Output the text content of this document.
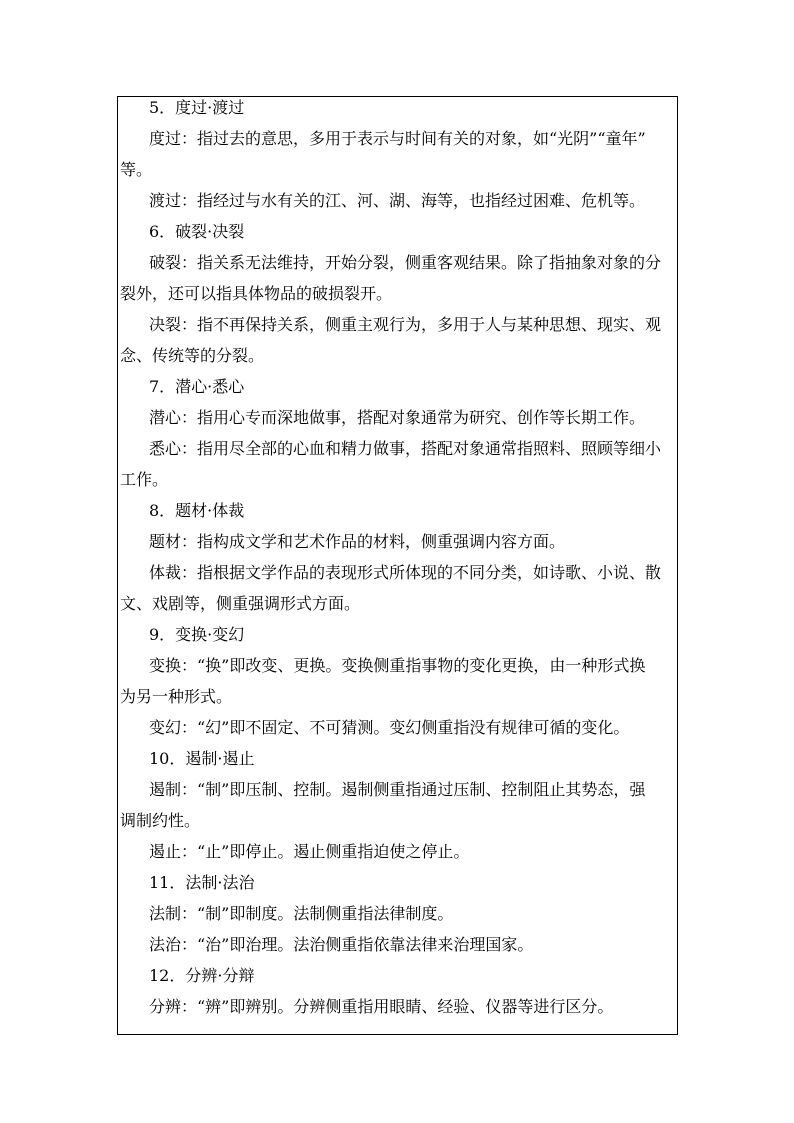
5．度过·渡过
度过：指过去的意思，多用于表示与时间有关的对象，如“光阴”“童年”
等。
渡过：指经过与水有关的江、河、湖、海等，也指经过困难、危机等。
6．破裂·决裂
破裂：指关系无法维持，开始分裂，侧重客观结果。除了指抽象对象的分
裂外，还可以指具体物品的破损裂开。
决裂：指不再保持关系，侧重主观行为，多用于人与某种思想、现实、观
念、传统等的分裂。
7．潜心·悉心
潜心：指用心专而深地做事，搭配对象通常为研究、创作等长期工作。
悉心：指用尽全部的心血和精力做事，搭配对象通常指照料、照顾等细小
工作。
8．题材·体裁
题材：指构成文学和艺术作品的材料，侧重强调内容方面。
体裁：指根据文学作品的表现形式所体现的不同分类，如诗歌、小说、散
文、戏剧等，侧重强调形式方面。
9．变换·变幻
变换：“换”即改变、更换。变换侧重指事物的变化更换，由一种形式换
为另一种形式。
变幻：“幻”即不固定、不可猜测。变幻侧重指没有规律可循的变化。
10．遏制·遏止
遏制：“制”即压制、控制。遏制侧重指通过压制、控制阻止其势态，强
调制约性。
遏止：“止”即停止。遏止侧重指迫使之停止。
11．法制·法治
法制：“制”即制度。法制侧重指法律制度。
法治：“治”即治理。法治侧重指依靠法律来治理国家。
12．分辨·分辩
分辨：“辨”即辨别。分辨侧重指用眼睛、经验、仪器等进行区分。
